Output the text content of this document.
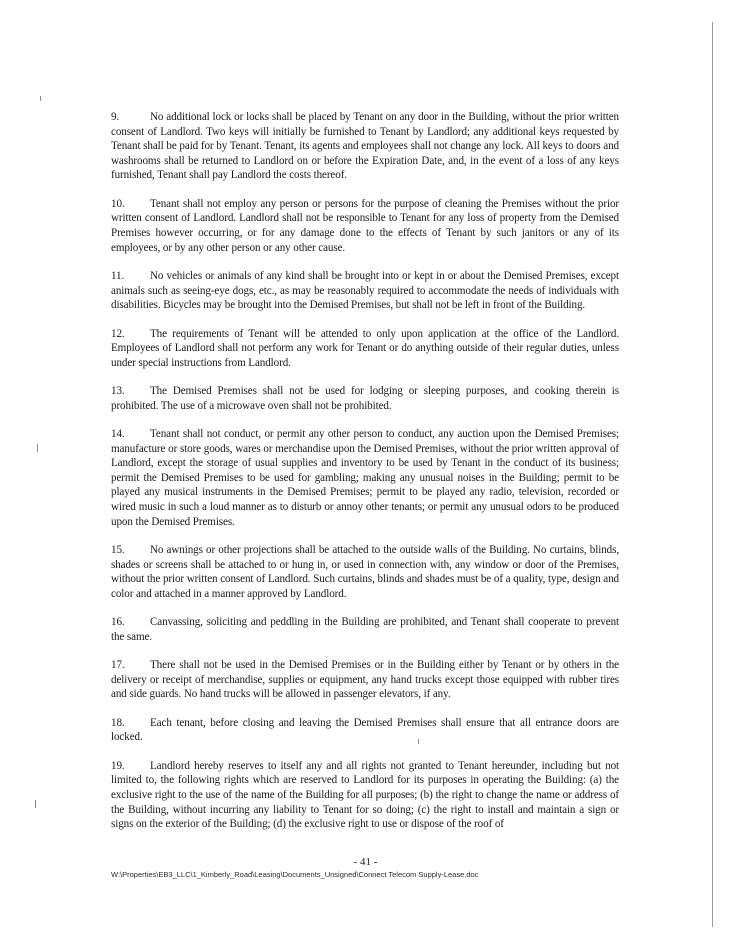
9.	No additional lock or locks shall be placed by Tenant on any door in the Building, without the prior written consent of Landlord. Two keys will initially be furnished to Tenant by Landlord; any additional keys requested by Tenant shall be paid for by Tenant. Tenant, its agents and employees shall not change any lock. All keys to doors and washrooms shall be returned to Landlord on or before the Expiration Date, and, in the event of a loss of any keys furnished, Tenant shall pay Landlord the costs thereof.

10. Tenant shall not employ any person or persons for the purpose of cleaning the Premises without the prior written consent of Landlord. Landlord shall not be responsible to Tenant for any loss of property from the Demised Premises however occurring, or for any damage done to the effects of Tenant by such janitors or any of its employees, or by any other person or any other cause.

11. No vehicles or animals of any kind shall be brought into or kept in or about the Demised Premises, except animals such as seeing-eye dogs, etc., as may be reasonably required to accommodate the needs of individuals with disabilities. Bicycles may be brought into the Demised Premises, but shall not be left in front of the Building.

12. The requirements of Tenant will be attended to only upon application at the office of the Landlord. Employees of Landlord shall not perform any work for Tenant or do anything outside of their regular duties, unless under special instructions from Landlord.

13. The Demised Premises shall not be used for lodging or sleeping purposes, and cooking therein is prohibited. The use of a microwave oven shall not be prohibited.

14. Tenant shall not conduct, or permit any other person to conduct, any auction upon the Demised Premises; manufacture or store goods, wares or merchandise upon the Demised Premises, without the prior written approval of Landlord, except the storage of usual supplies and inventory to be used by Tenant in the conduct of its business; permit the Demised Premises to be used for gambling; making any unusual noises in the Building; permit to be played any musical instruments in the Demised Premises; permit to be played any radio, television, recorded or wired music in such a loud manner as to disturb or annoy other tenants; or permit any unusual odors to be produced upon the Demised Premises.

15. No awnings or other projections shall be attached to the outside walls of the Building. No curtains, blinds, shades or screens shall be attached to or hung in, or used in connection with, any window or door of the Premises, without the prior written consent of Landlord. Such curtains, blinds and shades must be of a quality, type, design and color and attached in a manner approved by Landlord.

16. Canvassing, soliciting and peddling in the Building are prohibited, and Tenant shall cooperate to prevent the same.

17. There shall not be used in the Demised Premises or in the Building either by Tenant or by others in the delivery or receipt of merchandise, supplies or equipment, any hand trucks except those equipped with rubber tires and side guards. No hand trucks will be allowed in passenger elevators, if any.

18. Each tenant, before closing and leaving the Demised Premises shall ensure that all entrance doors are locked.

19. Landlord hereby reserves to itself any and all rights not granted to Tenant hereunder, including but not limited to, the following rights which are reserved to Landlord for its purposes in operating the Building: (a) the exclusive right to the use of the name of the Building for all purposes; (b) the right to change the name or address of the Building, without incurring any liability to Tenant for so doing; (c) the right to install and maintain a sign or signs on the exterior of the Building; (d) the exclusive right to use or dispose of the roof of

- 41 -
W:\Properties\EB3_LLC\1_Kimberly_Road\Leasing\Documents_Unsigned\Connect Telecom Supply-Lease.doc
